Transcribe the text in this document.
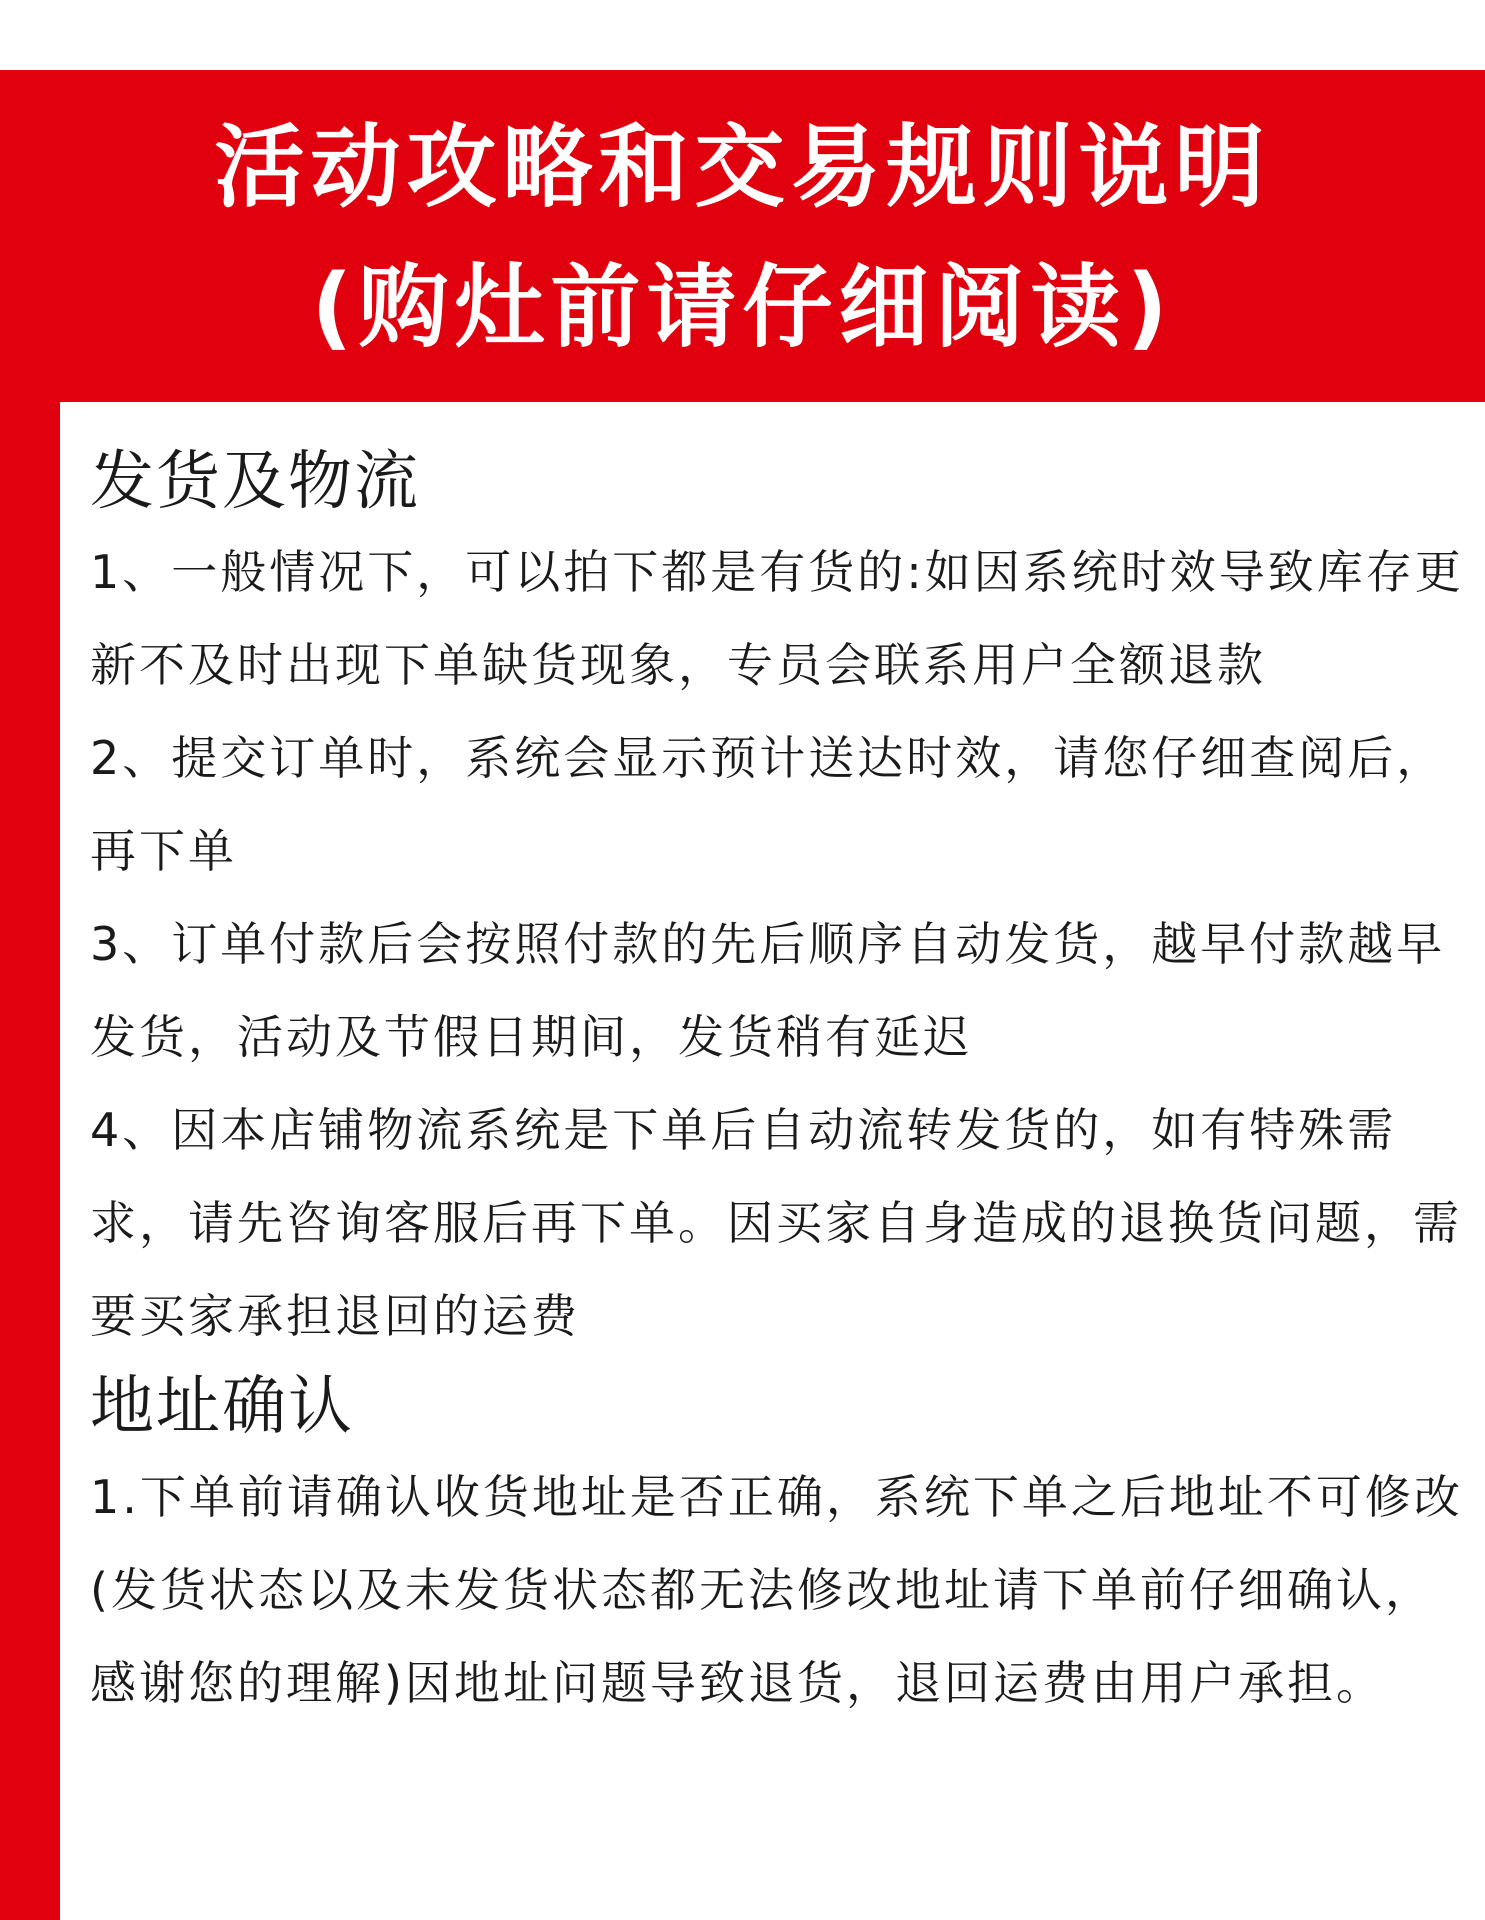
活动攻略和交易规则说明
(购灶前请仔细阅读)
发货及物流

1、一般情况下，可以拍下都是有货的:如因系统时效导致库存更新不及时出现下单缺货现象，专员会联系用户全额退款

2、提交订单时，系统会显示预计送达时效，请您仔细查阅后，再下单

3、订单付款后会按照付款的先后顺序自动发货，越早付款越早发货，活动及节假日期间，发货稍有延迟

4、因本店铺物流系统是下单后自动流转发货的，如有特殊需求，请先咨询客服后再下单。因买家自身造成的退换货问题，需要买家承担退回的运费

地址确认

1.下单前请确认收货地址是否正确，系统下单之后地址不可修改(发货状态以及未发货状态都无法修改地址请下单前仔细确认，感谢您的理解)因地址问题导致退货，退回运费由用户承担。
